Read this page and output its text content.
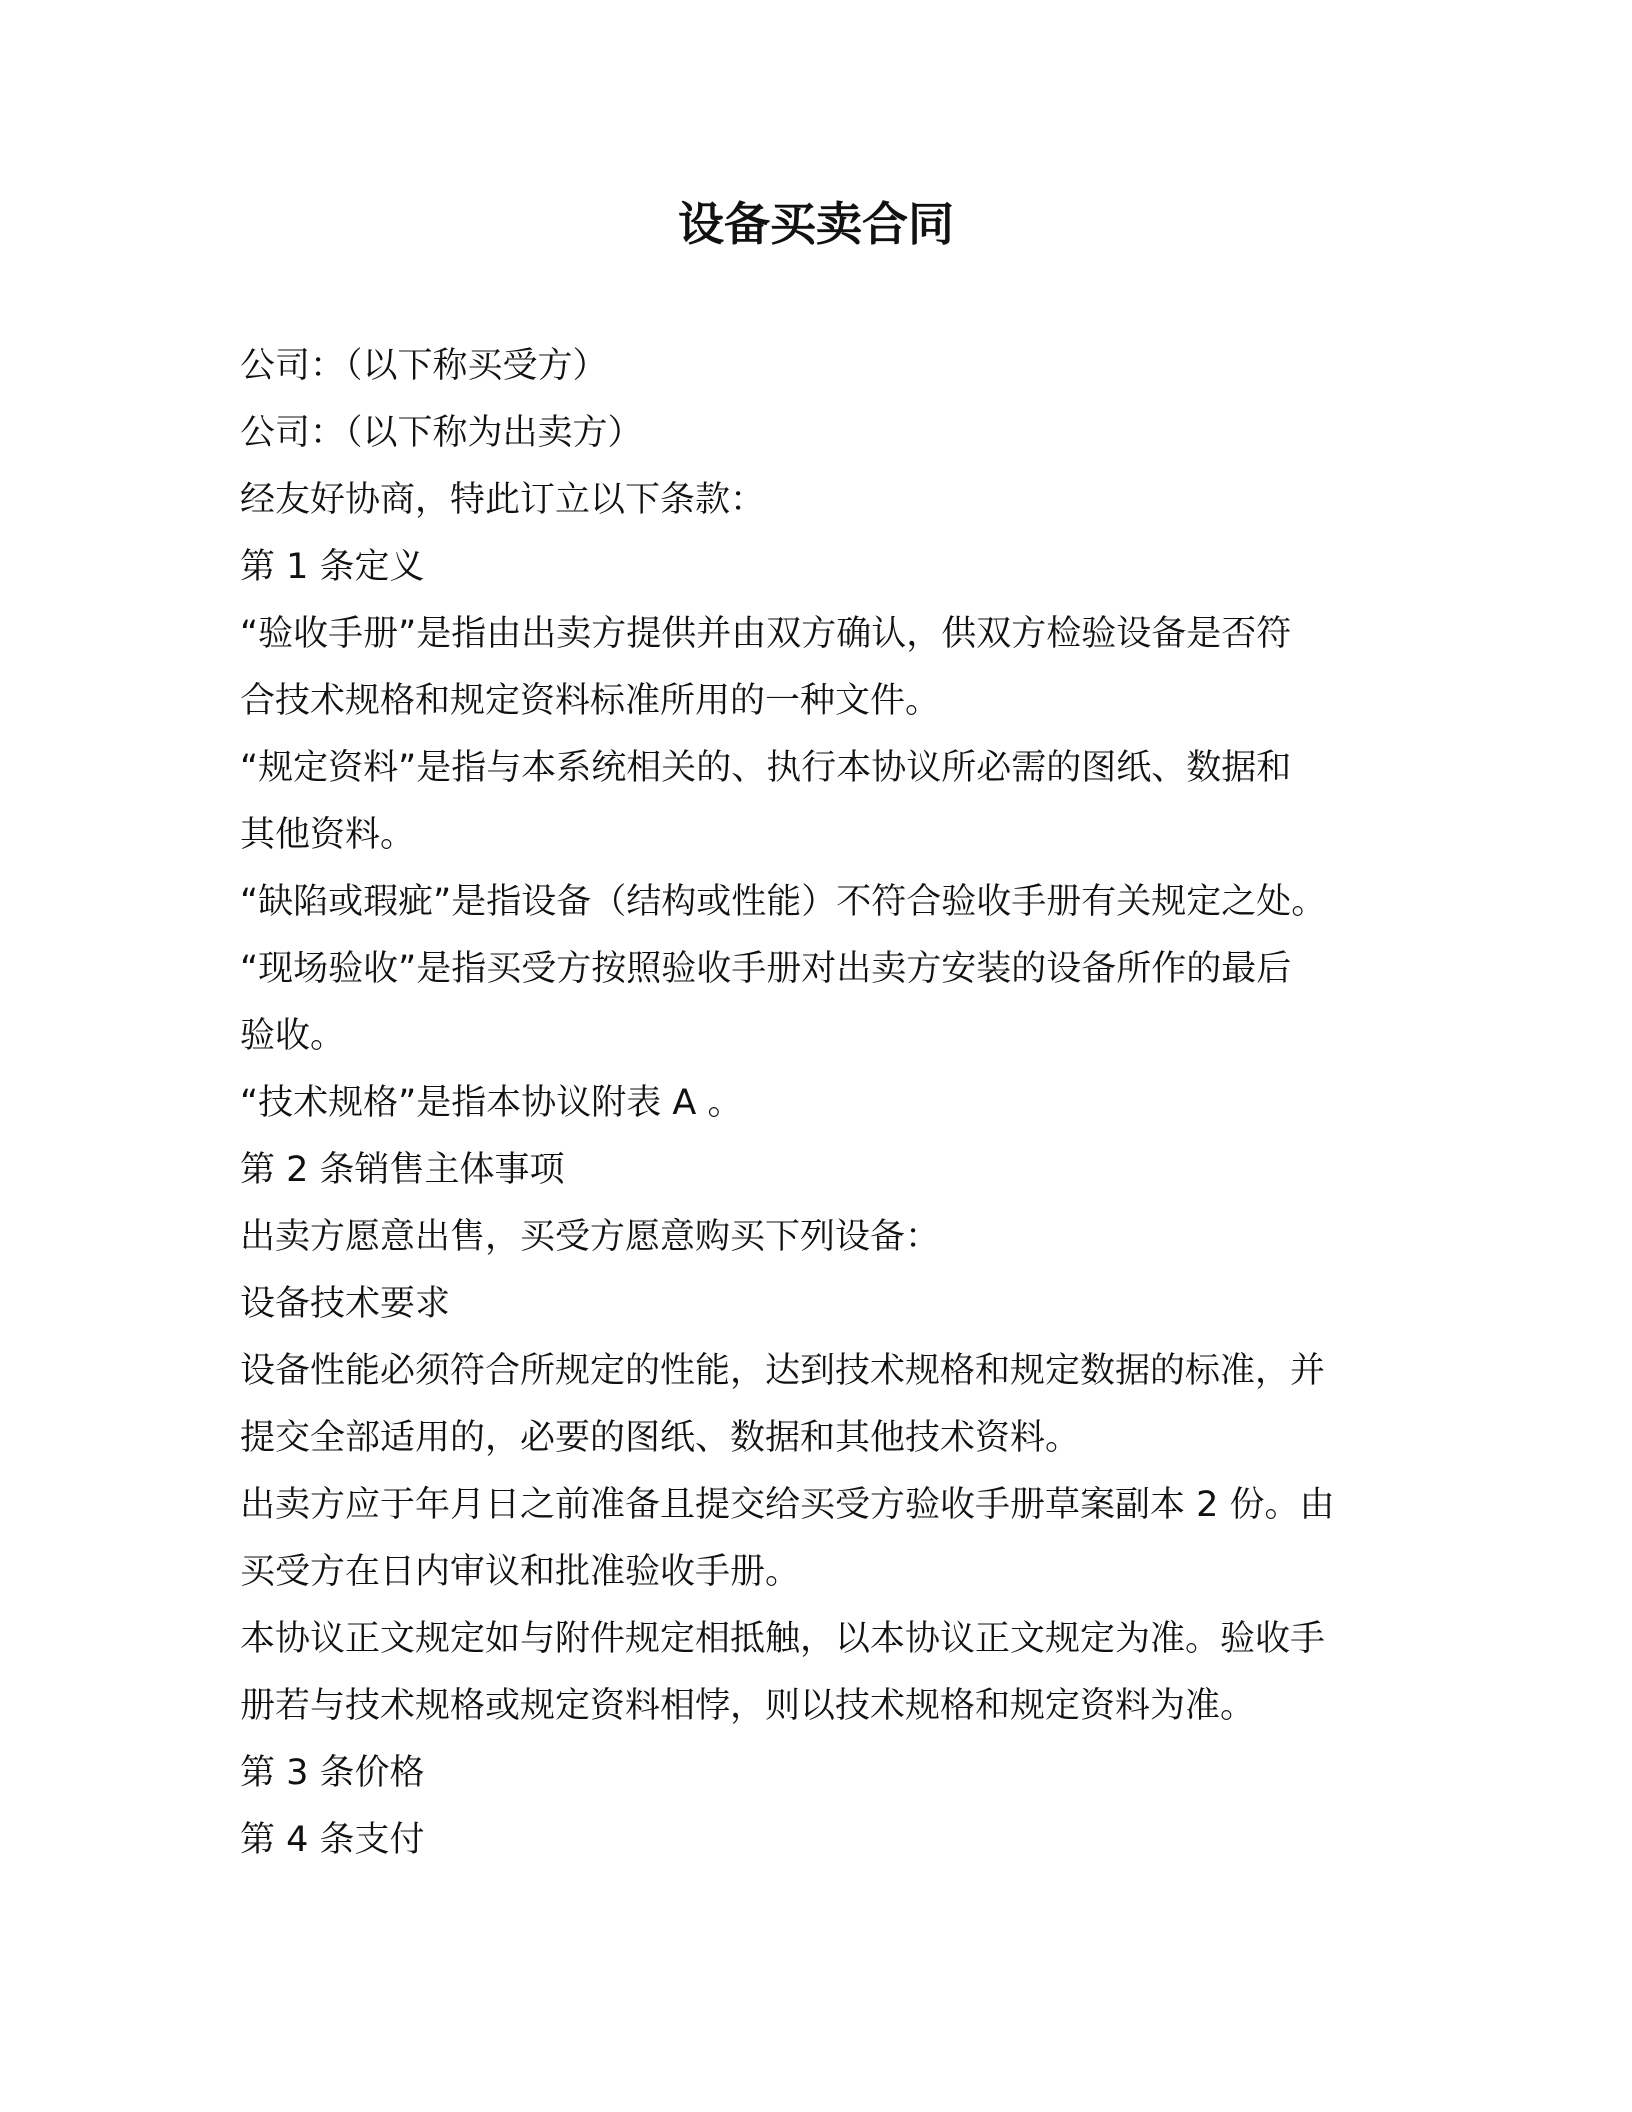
设备买卖合同

公司：（以下称买受方）

公司：（以下称为出卖方）

经友好协商，特此订立以下条款：

第 1 条定义

“验收手册”是指由出卖方提供并由双方确认，供双方检验设备是否符

合技术规格和规定资料标准所用的一种文件。

“规定资料”是指与本系统相关的、执行本协议所必需的图纸、数据和

其他资料。

“缺陷或瑕疵”是指设备（结构或性能）不符合验收手册有关规定之处。

“现场验收”是指买受方按照验收手册对出卖方安装的设备所作的最后

验收。

“技术规格”是指本协议附表 A 。

第 2 条销售主体事项

出卖方愿意出售，买受方愿意购买下列设备：

设备技术要求

设备性能必须符合所规定的性能，达到技术规格和规定数据的标准，并

提交全部适用的，必要的图纸、数据和其他技术资料。

出卖方应于年月日之前准备且提交给买受方验收手册草案副本 2 份。由

买受方在日内审议和批准验收手册。

本协议正文规定如与附件规定相抵触，以本协议正文规定为准。验收手

册若与技术规格或规定资料相悖，则以技术规格和规定资料为准。

第 3 条价格

第 4 条支付
